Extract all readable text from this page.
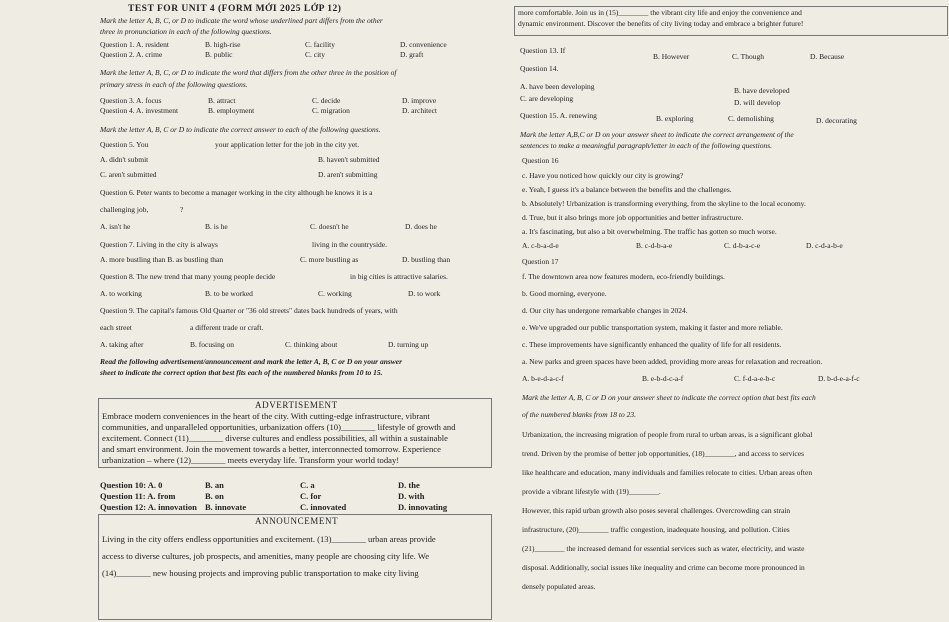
TEST FOR UNIT 4 (FORM MỚI 2025 LỚP 12)
Mark the letter A, B, C, or D to indicate the word whose underlined part differs from the other
three in pronunciation in each of the following questions.
Question 1. A. resident	B. high-rise	C. facility	D. convenience
Question 2. A. crime	B. public	C. city	D. graft
Mark the letter A, B, C, or D to indicate the word that differs from the other three in the position of
primary stress in each of the following questions.
Question 3. A. focus	B. attract	C. decide	D. improve
Question 4. A. investment	B. employment	C. migration	D. architect
Mark the letter A, B, C or D to indicate the correct answer to each of the following questions.
Question 5. You	your application letter for the job in the city yet.
A. didn't submit	B. haven't submitted
C. aren't submitted	D. aren't submitting
Question 6. Peter wants to become a manager working in the city although he knows it is a
challenging job,	?
A. isn't he	B. is he	C. doesn't he	D. does he
Question 7. Living in the city is always	living in the countryside.
A. more bustling than B. as bustling than	C. more bustling as	D. bustling than
Question 8. The new trend that many young people decide	in big cities is attractive salaries.
A. to working	B. to be worked	C. working	D. to work
Question 9. The capital's famous Old Quarter or "36 old streets" dates back hundreds of years, with
each street	a different trade or craft.
A. taking after	B. focusing on	C. thinking about	D. turning up
Read the following advertisement/announcement and mark the letter A, B, C or D on your answer
sheet to indicate the correct option that best fits each of the numbered blanks from 10 to 15.
ADVERTISEMENT
Embrace modern conveniences in the heart of the city. With cutting-edge infrastructure, vibrant
communities, and unparalleled opportunities, urbanization offers (10)________ lifestyle of growth and
excitement. Connect (11)________ diverse cultures and endless possibilities, all within a sustainable
and smart environment. Join the movement towards a better, interconnected tomorrow. Experience
urbanization – where (12)________ meets everyday life. Transform your world today!
Question 10: A. 0	B. an	C. a	D. the
Question 11: A. from	B. on	C. for	D. with
Question 12: A. innovation B. innovate	C. innovated	D. innovating
ANNOUNCEMENT
Living in the city offers endless opportunities and excitement. (13)________ urban areas provide
access to diverse cultures, job prospects, and amenities, many people are choosing city life. We
(14)________ new housing projects and improving public transportation to make city living
more comfortable. Join us in (15)________ the vibrant city life and enjoy the convenience and
dynamic environment. Discover the benefits of city living today and embrace a brighter future!
Question 13. If
B. However	C. Though	D. Because
Question 14.
A. have been developing	B. have developed
C. are developing	D. will develop
Question 15. A. renewing	B. exploring	C. demolishing	D. decorating
Mark the letter A,B,C or D on your answer sheet to indicate the correct arrangement of the
sentences to make a meaningful paragraph/letter in each of the following questions.
Question 16
c. Have you noticed how quickly our city is growing?
e. Yeah, I guess it's a balance between the benefits and the challenges.
b. Absolutely! Urbanization is transforming everything, from the skyline to the local economy.
d. True, but it also brings more job opportunities and better infrastructure.
a. It's fascinating, but also a bit overwhelming. The traffic has gotten so much worse.
A. c-b-a-d-e	B. c-d-b-a-e	C. d-b-a-c-e	D. c-d-a-b-e
Question 17
f. The downtown area now features modern, eco-friendly buildings.
b. Good morning, everyone.
d. Our city has undergone remarkable changes in 2024.
e. We've upgraded our public transportation system, making it faster and more reliable.
c. These improvements have significantly enhanced the quality of life for all residents.
a. New parks and green spaces have been added, providing more areas for relaxation and recreation.
A. b-e-d-a-c-f	B. e-b-d-c-a-f	C. f-d-a-e-b-c	D. b-d-e-a-f-c
Mark the letter A, B, C or D on your answer sheet to indicate the correct option that best fits each
of the numbered blanks from 18 to 23.
Urbanization, the increasing migration of people from rural to urban areas, is a significant global
trend. Driven by the promise of better job opportunities, (18)________, and access to services
like healthcare and education, many individuals and families relocate to cities. Urban areas often
provide a vibrant lifestyle with (19)________.
However, this rapid urban growth also poses several challenges. Overcrowding can strain
infrastructure, (20)________ traffic congestion, inadequate housing, and pollution. Cities
(21)________ the increased demand for essential services such as water, electricity, and waste
disposal. Additionally, social issues like inequality and crime can become more pronounced in
densely populated areas.
